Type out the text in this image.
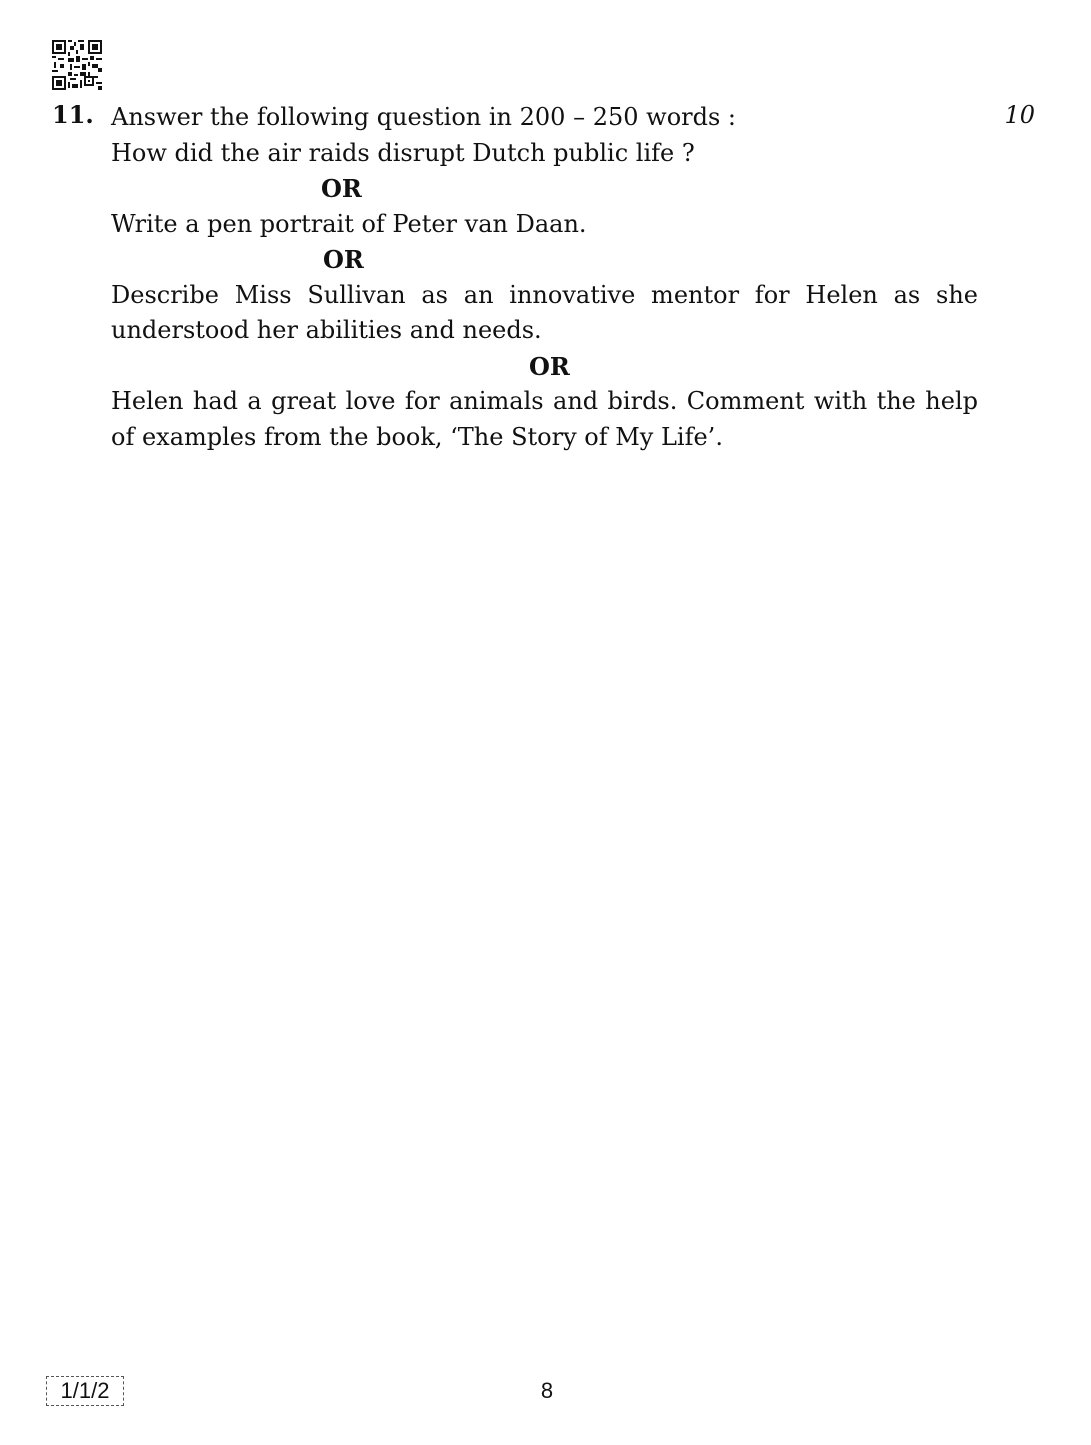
11.	10

Answer the following question in 200 – 250 words :

How did the air raids disrupt Dutch public life ?

OR

Write a pen portrait of Peter van Daan.

OR

Describe Miss Sullivan as an innovative mentor for Helen as she understood her abilities and needs.

OR

Helen had a great love for animals and birds. Comment with the help of examples from the book, ‘The Story of My Life’.

1/1/2	8
